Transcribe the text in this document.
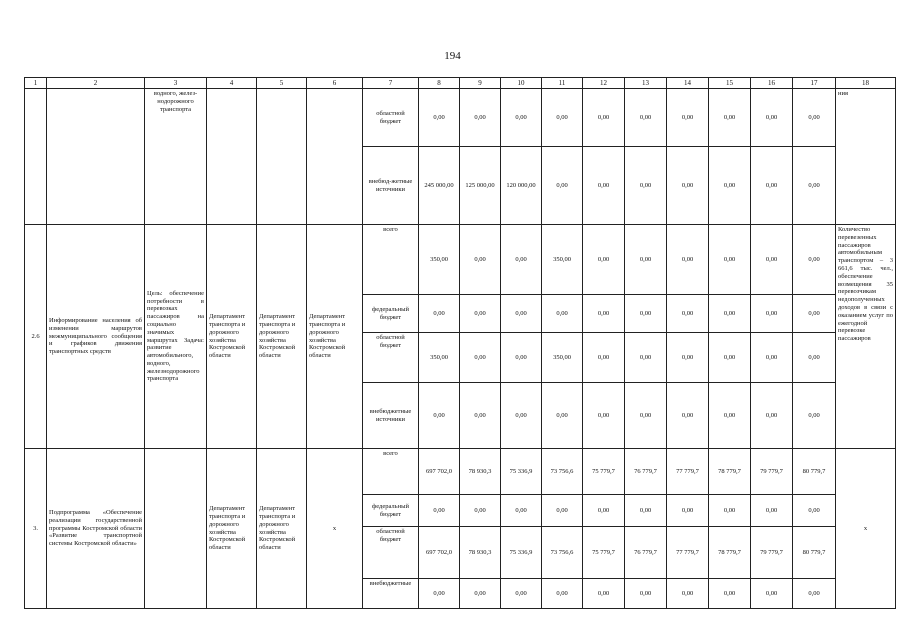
194
1	2	3	4	5	6	7	8	9	10	11	12	13	14	15	16	17	18
		водного, желез-нодорожного транспорта				областной бюджет	0,00	0,00	0,00	0,00	0,00	0,00	0,00	0,00	0,00	0,00	ния
						внебюд-жетные источники	245 000,00	125 000,00	120 000,00	0,00	0,00	0,00	0,00	0,00	0,00	0,00	
2.6	Информирование населения об изменении маршрутов межмуниципального сообщения и графиков движения транспортных средств	Цель: обеспечение потребности в перевозках пассажиров на социально значимых маршрутах Задача: развитие автомобильного, водного, железнодорожного транспорта	Департамент транспорта и дорожного хозяйства Костромской области	Департамент транспорта и дорожного хозяйства Костромской области	Департамент транспорта и дорожного хозяйства Костромской области	всего	350,00	0,00	0,00	350,00	0,00	0,00	0,00	0,00	0,00	0,00	Количество перевезенных пассажиров автомобильным транспортом – 3 661,6 тыс. чел., обеспечение возмещения 35 перевозчикам недополученных доходов в связи с оказанием услуг по ежегодной перевозке пассажиров
						федеральный бюджет	0,00	0,00	0,00	0,00	0,00	0,00	0,00	0,00	0,00	0,00	
						областной бюджет	350,00	0,00	0,00	350,00	0,00	0,00	0,00	0,00	0,00	0,00	
						внебюджетные источники	0,00	0,00	0,00	0,00	0,00	0,00	0,00	0,00	0,00	0,00	
3.	Подпрограмма «Обеспечение реализации государственной программы Костромской области «Развитие транспортной системы Костромской области»		Департамент транспорта и дорожного хозяйства Костромской области	Департамент транспорта и дорожного хозяйства Костромской области	х	всего	697 702,0	78 930,3	75 336,9	73 756,6	75 779,7	76 779,7	77 779,7	78 779,7	79 779,7	80 779,7	х
						федеральный бюджет	0,00	0,00	0,00	0,00	0,00	0,00	0,00	0,00	0,00	0,00	
						областной бюджет	697 702,0	78 930,3	75 336,9	73 756,6	75 779,7	76 779,7	77 779,7	78 779,7	79 779,7	80 779,7	
						внебюджетные	0,00	0,00	0,00	0,00	0,00	0,00	0,00	0,00	0,00	0,00	
